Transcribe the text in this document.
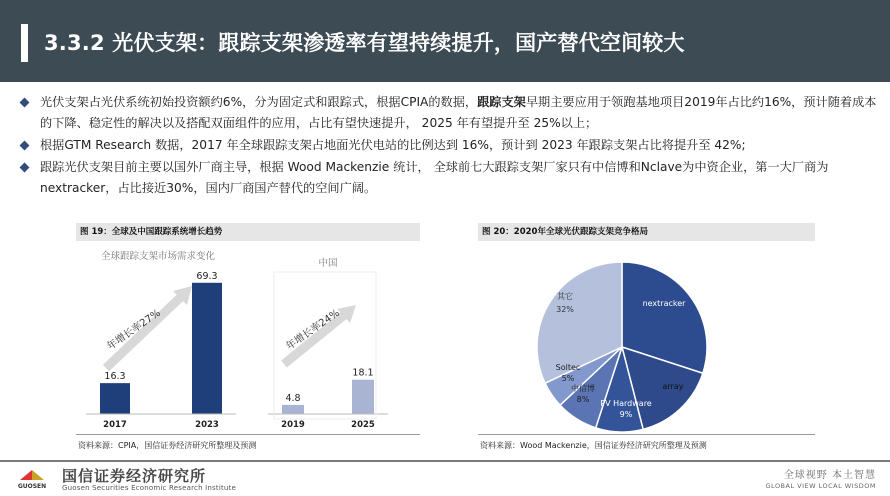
3.3.2 光伏支架：跟踪支架渗透率有望持续提升，国产替代空间较大
光伏支架占光伏系统初始投资额约6%，分为固定式和跟踪式，根据CPIA的数据，跟踪支架早期主要应用于领跑基地项目2019年占比约16%，预计随着成本的下降、稳定性的解决以及搭配双面组件的应用，占比有望快速提升， 2025 年有望提升至 25%以上；
根据GTM Research 数据，2017 年全球跟踪支架占地面光伏电站的比例达到 16%，预计到 2023 年跟踪支架占比将提升至 42%;
跟踪光伏支架目前主要以国外厂商主导，根据 Wood Mackenzie 统计， 全球前七大跟踪支架厂家只有中信博和Nclave为中资企业，第一大厂商为nextracker，占比接近30%，国内厂商国产替代的空间广阔。
图 19：全球及中国跟踪系统增长趋势
资料来源：CPIA，国信证券经济研究所整理及预测
全球跟踪支架市场需求变化
中国
16.3
2017
69.3
2023
4.8
2019
18.1
2025
年增长率27%	年增长率24%
图 20：2020年全球光伏跟踪支架竞争格局
资料来源：Wood Mackenzie，国信证券经济研究所整理及预测
nextracker
array
PV Hardware
9%
中信博
8%
Soltec
5%
其它
32%
GUOSEN
国信证券经济研究所
Guosen Securities Economic Research Institute
全球视野 本土智慧
GLOBAL VIEW LOCAL WISDOM
